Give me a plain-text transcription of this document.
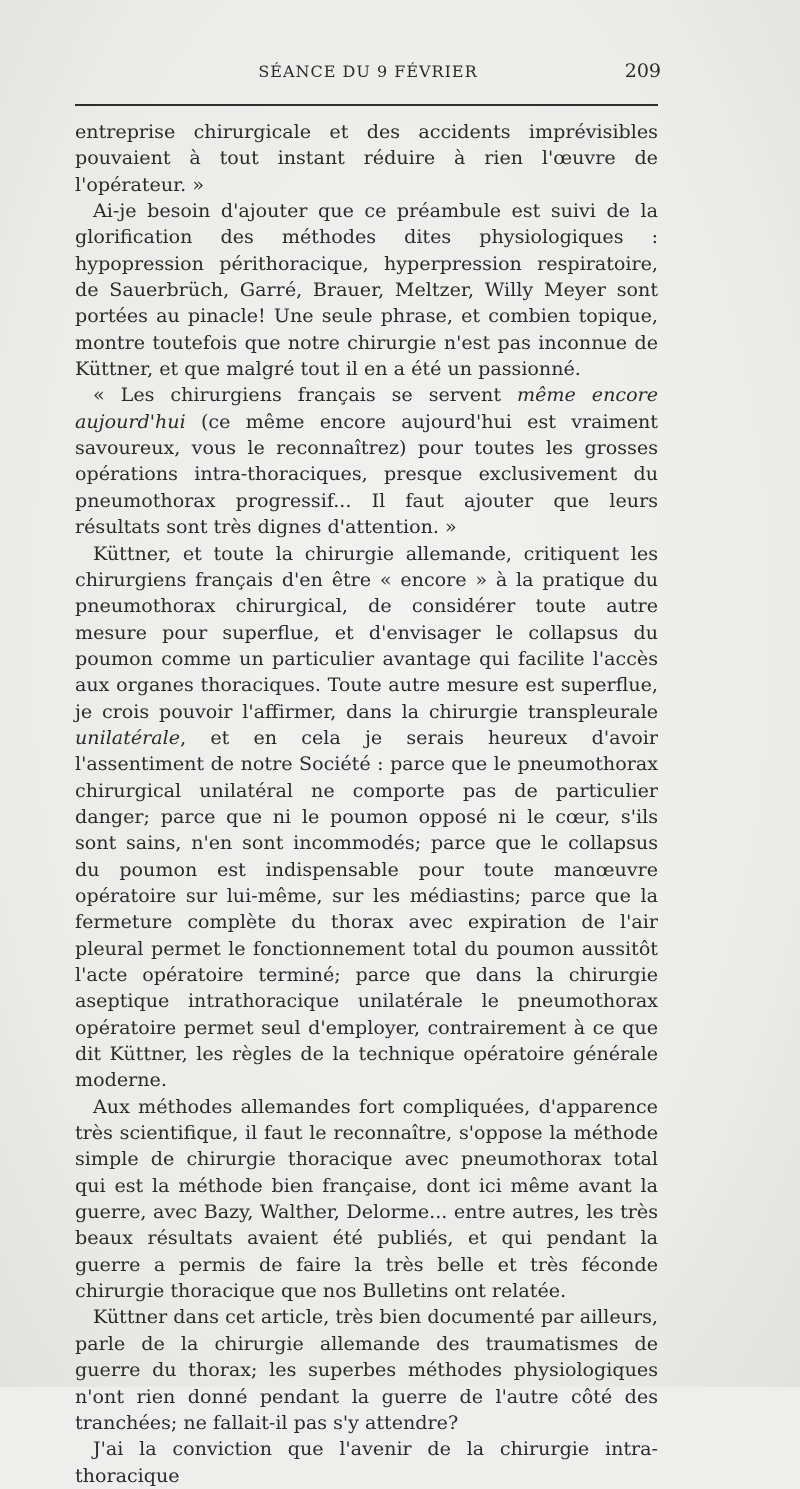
SÉANCE DU 9 FÉVRIER	209

entreprise chirurgicale et des accidents imprévisibles pouvaient à tout instant réduire à rien l'œuvre de l'opérateur. »

Ai-je besoin d'ajouter que ce préambule est suivi de la glorification des méthodes dites physiologiques : hypopression périthoracique, hyperpression respiratoire, de Sauerbrüch, Garré, Brauer, Meltzer, Willy Meyer sont portées au pinacle! Une seule phrase, et combien topique, montre toutefois que notre chirurgie n'est pas inconnue de Küttner, et que malgré tout il en a été un passionné.

« Les chirurgiens français se servent même encore aujourd'hui (ce même encore aujourd'hui est vraiment savoureux, vous le reconnaîtrez) pour toutes les grosses opérations intra-thoraciques, presque exclusivement du pneumothorax progressif... Il faut ajouter que leurs résultats sont très dignes d'attention. »

Küttner, et toute la chirurgie allemande, critiquent les chirurgiens français d'en être « encore » à la pratique du pneumothorax chirurgical, de considérer toute autre mesure pour superflue, et d'envisager le collapsus du poumon comme un particulier avantage qui facilite l'accès aux organes thoraciques. Toute autre mesure est superflue, je crois pouvoir l'affirmer, dans la chirurgie transpleurale unilatérale, et en cela je serais heureux d'avoir l'assentiment de notre Société : parce que le pneumothorax chirurgical unilatéral ne comporte pas de particulier danger; parce que ni le poumon opposé ni le cœur, s'ils sont sains, n'en sont incommodés; parce que le collapsus du poumon est indispensable pour toute manœuvre opératoire sur lui-même, sur les médiastins; parce que la fermeture complète du thorax avec expiration de l'air pleural permet le fonctionnement total du poumon aussitôt l'acte opératoire terminé; parce que dans la chirurgie aseptique intrathoracique unilatérale le pneumothorax opératoire permet seul d'employer, contrairement à ce que dit Küttner, les règles de la technique opératoire générale moderne.

Aux méthodes allemandes fort compliquées, d'apparence très scientifique, il faut le reconnaître, s'oppose la méthode simple de chirurgie thoracique avec pneumothorax total qui est la méthode bien française, dont ici même avant la guerre, avec Bazy, Walther, Delorme... entre autres, les très beaux résultats avaient été publiés, et qui pendant la guerre a permis de faire la très belle et très féconde chirurgie thoracique que nos Bulletins ont relatée.

Küttner dans cet article, très bien documenté par ailleurs, parle de la chirurgie allemande des traumatismes de guerre du thorax; les superbes méthodes physiologiques n'ont rien donné pendant la guerre de l'autre côté des tranchées; ne fallait-il pas s'y attendre?

J'ai la conviction que l'avenir de la chirurgie intra-thoracique
